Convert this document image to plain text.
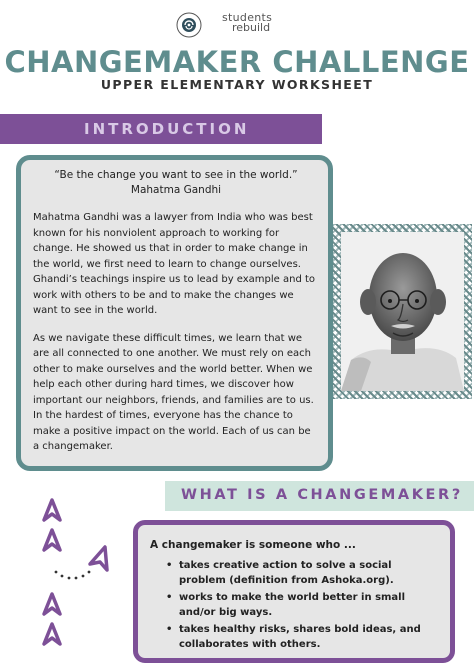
students
rebuild
CHANGEMAKER CHALLENGE
UPPER ELEMENTARY WORKSHEET
INTRODUCTION
“Be the change you want to see in the world.”
Mahatma Gandhi

Mahatma Gandhi was a lawyer from India who was best known for his nonviolent approach to working for change. He showed us that in order to make change in the world, we first need to learn to change ourselves. Ghandi’s teachings inspire us to lead by example and to work with others to be and to make the changes we want to see in the world.

As we navigate these difficult times, we learn that we are all connected to one another. We must rely on each other to make ourselves and the world better. When we help each other during hard times, we discover how important our neighbors, friends, and families are to us. In the hardest of times, everyone has the chance to make a positive impact on the world. Each of us can be a changemaker.

WHAT IS A CHANGEMAKER?
A changemaker is someone who ...
• takes creative action to solve a social problem (definition from Ashoka.org).
• works to make the world better in small and/or big ways.
• takes healthy risks, shares bold ideas, and collaborates with others.
